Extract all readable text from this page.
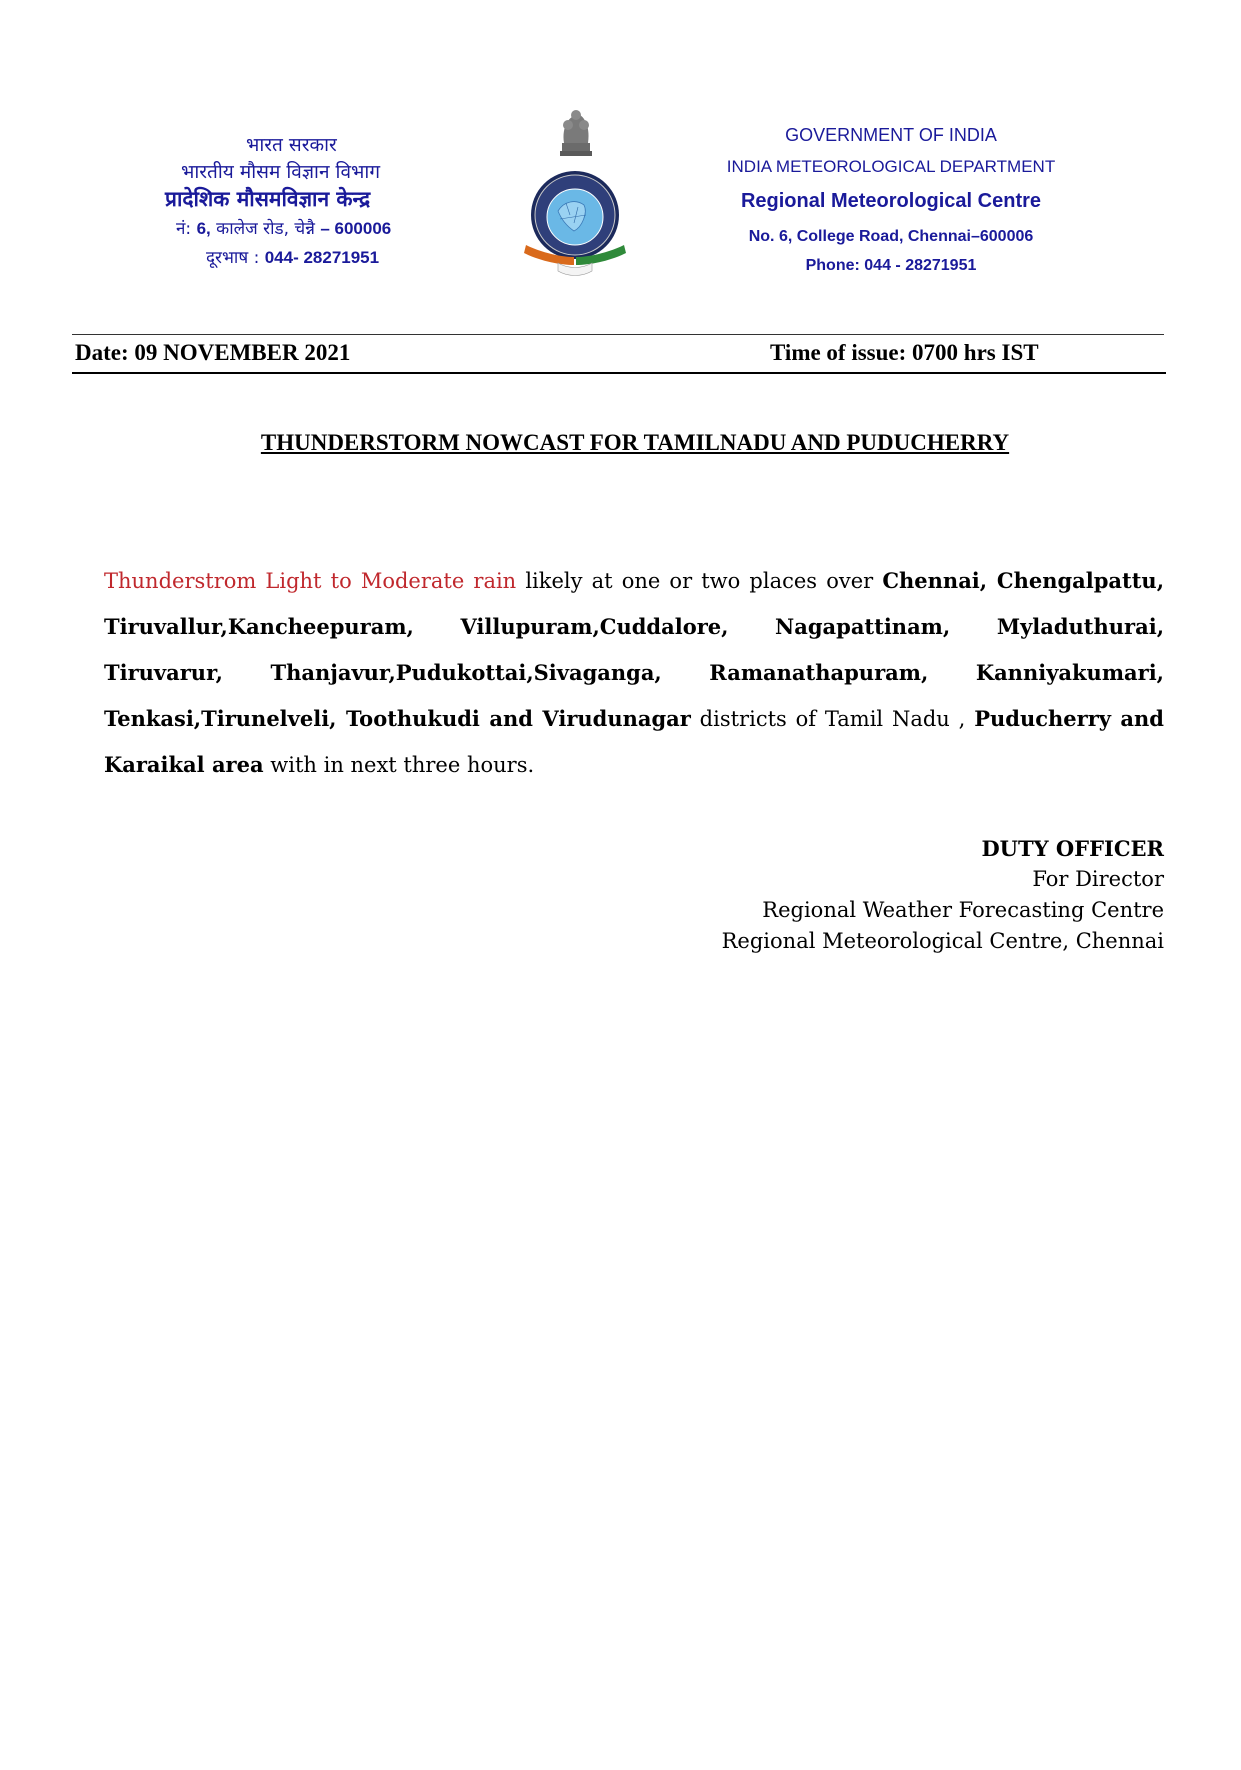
भारत सरकार
भारतीय मौसम विज्ञान विभाग
प्रादेशिक मौसमविज्ञान केन्द्र
नं: 6, कालेज रोड, चेन्नै – 600006
दूरभाष : 044- 28271951
GOVERNMENT OF INDIA
INDIA METEOROLOGICAL DEPARTMENT
Regional Meteorological Centre
No. 6, College Road, Chennai–600006
Phone: 044 - 28271951
Date: 09 NOVEMBER 2021	Time of issue: 0700 hrs IST
THUNDERSTORM NOWCAST FOR TAMILNADU AND PUDUCHERRY
Thunderstrom Light to Moderate rain likely at one or two places over Chennai, Chengalpattu, Tiruvallur,Kancheepuram, Villupuram,Cuddalore, Nagapattinam, Myladuthurai, Tiruvarur, Thanjavur,Pudukottai,Sivaganga, Ramanathapuram, Kanniyakumari, Tenkasi,Tirunelveli, Toothukudi and Virudunagar districts of Tamil Nadu , Puducherry and Karaikal area with in next three hours.
DUTY OFFICER
For Director
Regional Weather Forecasting Centre
Regional Meteorological Centre, Chennai
